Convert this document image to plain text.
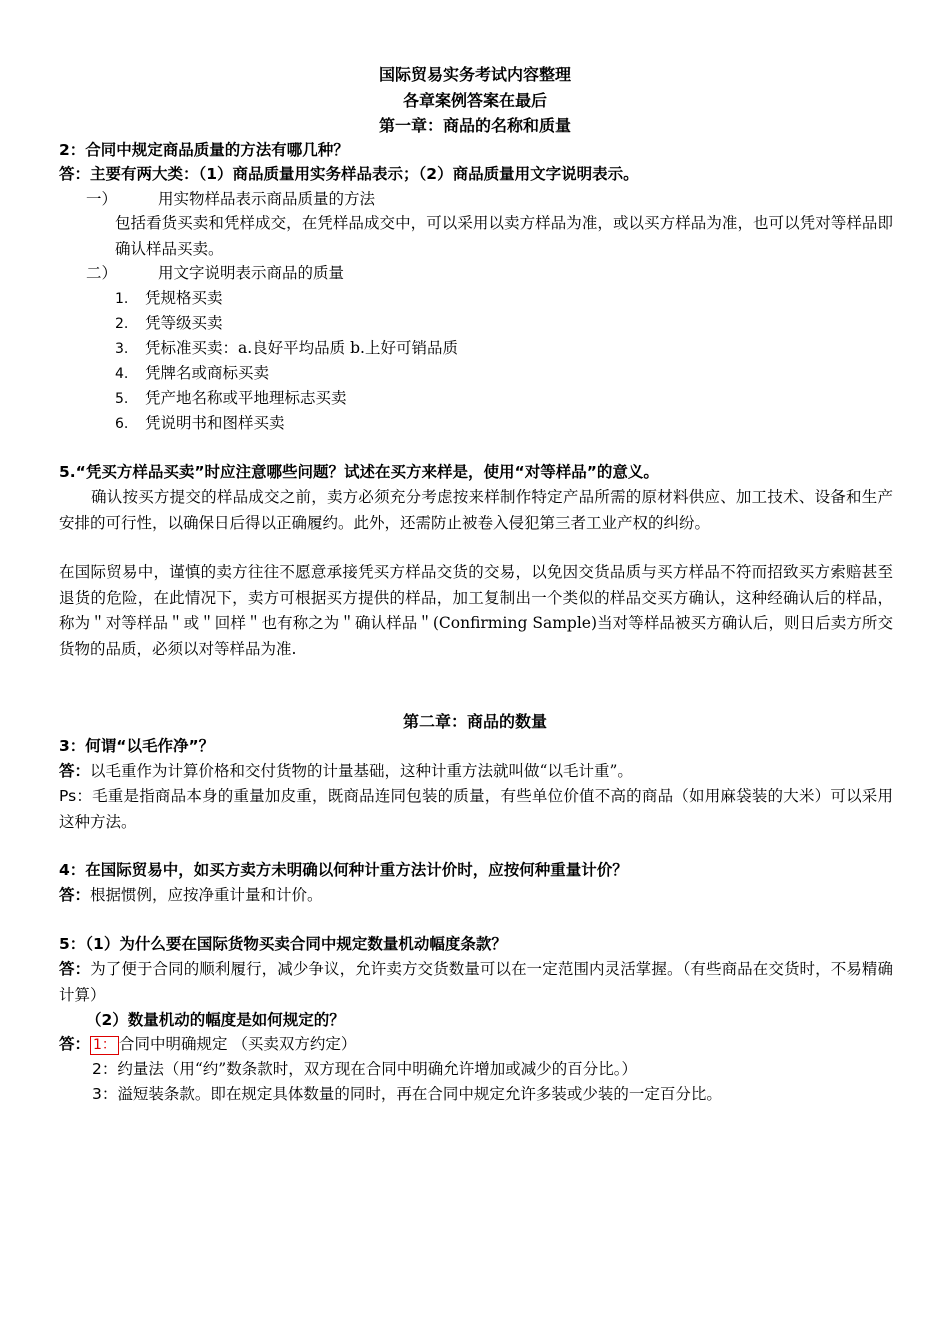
国际贸易实务考试内容整理
各章案例答案在最后
第一章：商品的名称和质量
2：合同中规定商品质量的方法有哪几种？
答：主要有两大类：（1）商品质量用实务样品表示；（2）商品质量用文字说明表示。
一）	用实物样品表示商品质量的方法
包括看货买卖和凭样成交，在凭样品成交中，可以采用以卖方样品为准，或以买方样品为准，也可以凭对等样品即确认样品买卖。
二）	用文字说明表示商品的质量
1. 凭规格买卖
2. 凭等级买卖
3. 凭标准买卖：a.良好平均品质 b.上好可销品质
4. 凭牌名或商标买卖
5. 凭产地名称或平地理标志买卖
6. 凭说明书和图样买卖
5.“凭买方样品买卖”时应注意哪些问题？试述在买方来样是，使用“对等样品”的意义。
确认按买方提交的样品成交之前，卖方必须充分考虑按来样制作特定产品所需的原材料供应、加工技术、设备和生产安排的可行性，以确保日后得以正确履约。此外，还需防止被卷入侵犯第三者工业产权的纠纷。
在国际贸易中，谨慎的卖方往往不愿意承接凭买方样品交货的交易，以免因交货品质与买方样品不符而招致买方索赔甚至退货的危险，在此情况下，卖方可根据买方提供的样品，加工复制出一个类似的样品交买方确认，这种经确认后的样品，称为＂对等样品＂或＂回样＂也有称之为＂确认样品＂(Confirming Sample)当对等样品被买方确认后，则日后卖方所交货物的品质，必须以对等样品为准.
第二章：商品的数量
3：何谓“以毛作净”？
答：以毛重作为计算价格和交付货物的计量基础，这种计重方法就叫做“以毛计重”。
Ps：毛重是指商品本身的重量加皮重，既商品连同包装的质量，有些单位价值不高的商品（如用麻袋装的大米）可以采用这种方法。
4：在国际贸易中，如买方卖方未明确以何种计重方法计价时，应按何种重量计价？
答：根据惯例，应按净重计量和计价。
5：（1）为什么要在国际货物买卖合同中规定数量机动幅度条款？
答：为了便于合同的顺利履行，减少争议，允许卖方交货数量可以在一定范围内灵活掌握。（有些商品在交货时，不易精确计算）
（2）数量机动的幅度是如何规定的？
答： 1： 合同中明确规定 （买卖双方约定）
2：约量法（用“约”数条款时，双方现在合同中明确允许增加或减少的百分比。）
3：溢短装条款。即在规定具体数量的同时，再在合同中规定允许多装或少装的一定百分比。
